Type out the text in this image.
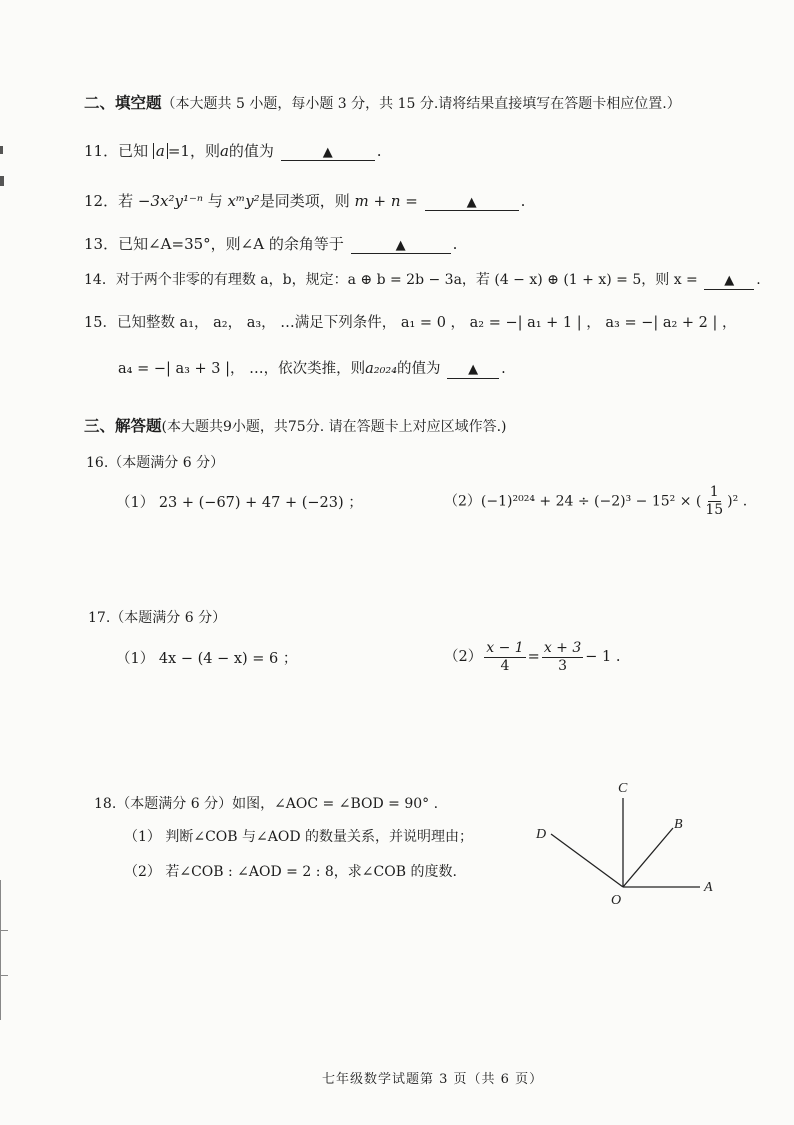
二、填空题（本大题共 5 小题，每小题 3 分，共 15 分.请将结果直接填写在答题卡相应位置.）
11．已知 a =1，则a的值为	▲	.
12．若 −3x²y¹⁻ⁿ 与 xᵐy²是同类项，则 m + n =	▲	.
13．已知∠A=35°，则∠A 的余角等于	▲	.
14．对于两个非零的有理数 a，b，规定：a ⊕ b = 2b − 3a，若 (4 − x) ⊕ (1 + x) = 5，则 x = ▲ .
15．已知整数 a₁， a₂， a₃， …满足下列条件， a₁ = 0 ， a₂ = −| a₁ + 1 | ， a₃ = −| a₂ + 2 | ，
a₄ = −| a₃ + 3 |， …，依次类推，则a₂₀₂₄的值为 ▲ .
三、解答题(本大题共9小题，共75分. 请在答题卡上对应区域作答.)
16.（本题满分 6 分）
（1） 23 + (−67) + 47 + (−23) ；	（2）(−1)²⁰²⁴ + 24 ÷ (−2)³ − 15² × ( $\frac{1}{15} )^2$ .
17.（本题满分 6 分）
（1） 4x − (4 − x) = 6 ；	$(2) \frac{x - 1}{4} = \frac{x + 3}{3} - 1$ .
18.（本题满分 6 分）如图，∠AOC = ∠BOD = 90° .
（1） 判断∠COB 与∠AOD 的数量关系，并说明理由；
（2） 若∠COB : ∠AOD = 2 : 8，求∠COB 的度数.
C
B
D
O
A
七年级数学试题第 3 页（共 6 页）
